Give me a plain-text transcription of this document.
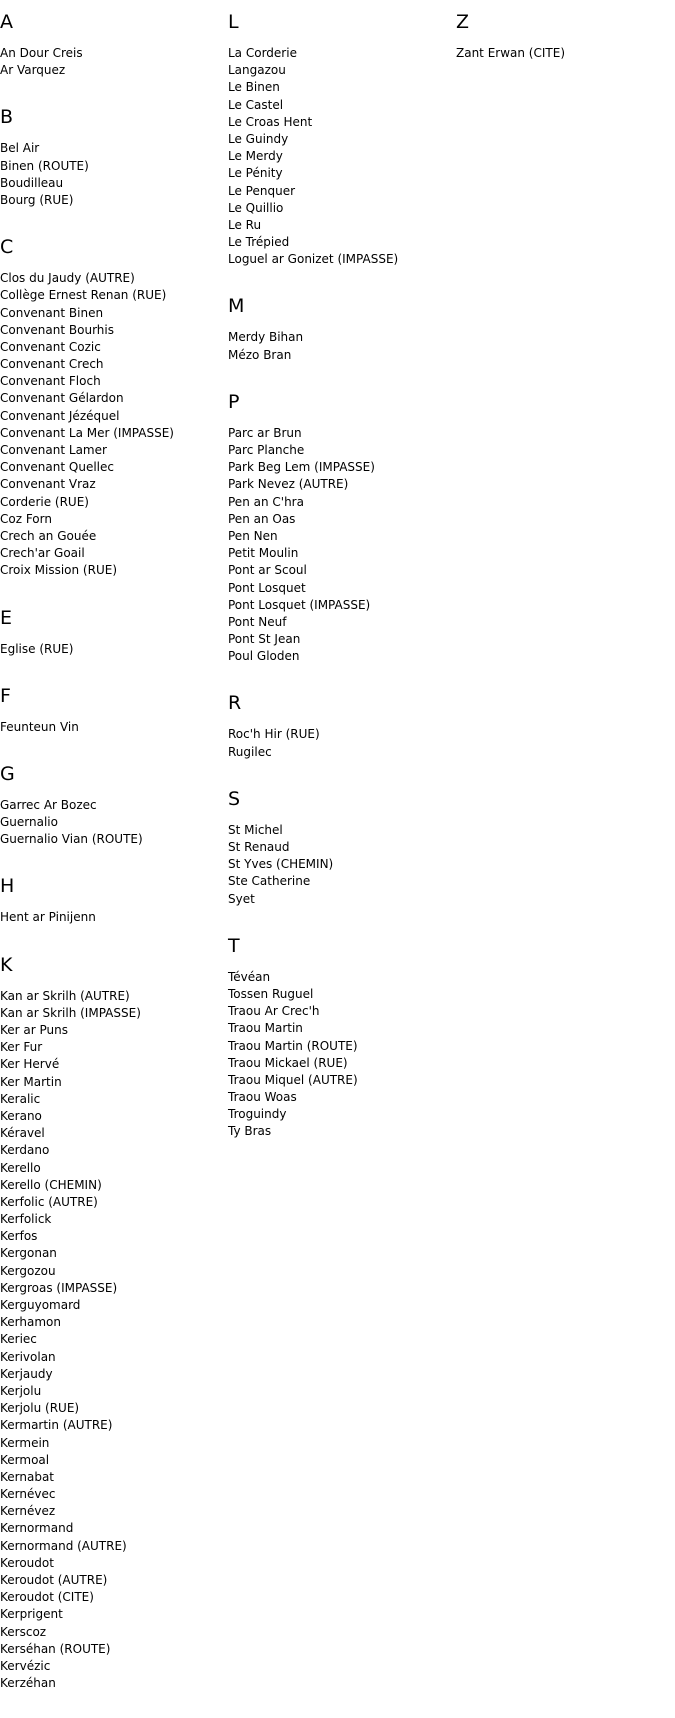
A
An Dour Creis
Ar Varquez
B
Bel Air
Binen (ROUTE)
Boudilleau
Bourg (RUE)
C
Clos du Jaudy (AUTRE)
Collège Ernest Renan (RUE)
Convenant Binen
Convenant Bourhis
Convenant Cozic
Convenant Crech
Convenant Floch
Convenant Gélardon
Convenant Jézéquel
Convenant La Mer (IMPASSE)
Convenant Lamer
Convenant Quellec
Convenant Vraz
Corderie (RUE)
Coz Forn
Crech an Gouée
Crech'ar Goail
Croix Mission (RUE)
E
Eglise (RUE)
F
Feunteun Vin
G
Garrec Ar Bozec
Guernalio
Guernalio Vian (ROUTE)
H
Hent ar Pinijenn
K
Kan ar Skrilh (AUTRE)
Kan ar Skrilh (IMPASSE)
Ker ar Puns
Ker Fur
Ker Hervé
Ker Martin
Keralic
Kerano
Kéravel
Kerdano
Kerello
Kerello (CHEMIN)
Kerfolic (AUTRE)
Kerfolick
Kerfos
Kergonan
Kergozou
Kergroas (IMPASSE)
Kerguyomard
Kerhamon
Keriec
Kerivolan
Kerjaudy
Kerjolu
Kerjolu (RUE)
Kermartin (AUTRE)
Kermein
Kermoal
Kernabat
Kernévec
Kernévez
Kernormand
Kernormand (AUTRE)
Keroudot
Keroudot (AUTRE)
Keroudot (CITE)
Kerprigent
Kerscoz
Kerséhan (ROUTE)
Kervézic
Kerzéhan
L
La Corderie
Langazou
Le Binen
Le Castel
Le Croas Hent
Le Guindy
Le Merdy
Le Pénity
Le Penquer
Le Quillio
Le Ru
Le Trépied
Loguel ar Gonizet (IMPASSE)
M
Merdy Bihan
Mézo Bran
P
Parc ar Brun
Parc Planche
Park Beg Lem (IMPASSE)
Park Nevez (AUTRE)
Pen an C'hra
Pen an Oas
Pen Nen
Petit Moulin
Pont ar Scoul
Pont Losquet
Pont Losquet (IMPASSE)
Pont Neuf
Pont St Jean
Poul Gloden
R
Roc'h Hir (RUE)
Rugilec
S
St Michel
St Renaud
St Yves (CHEMIN)
Ste Catherine
Syet
T
Tévéan
Tossen Ruguel
Traou Ar Crec'h
Traou Martin
Traou Martin (ROUTE)
Traou Mickael (RUE)
Traou Miquel (AUTRE)
Traou Woas
Troguindy
Ty Bras
Z
Zant Erwan (CITE)
